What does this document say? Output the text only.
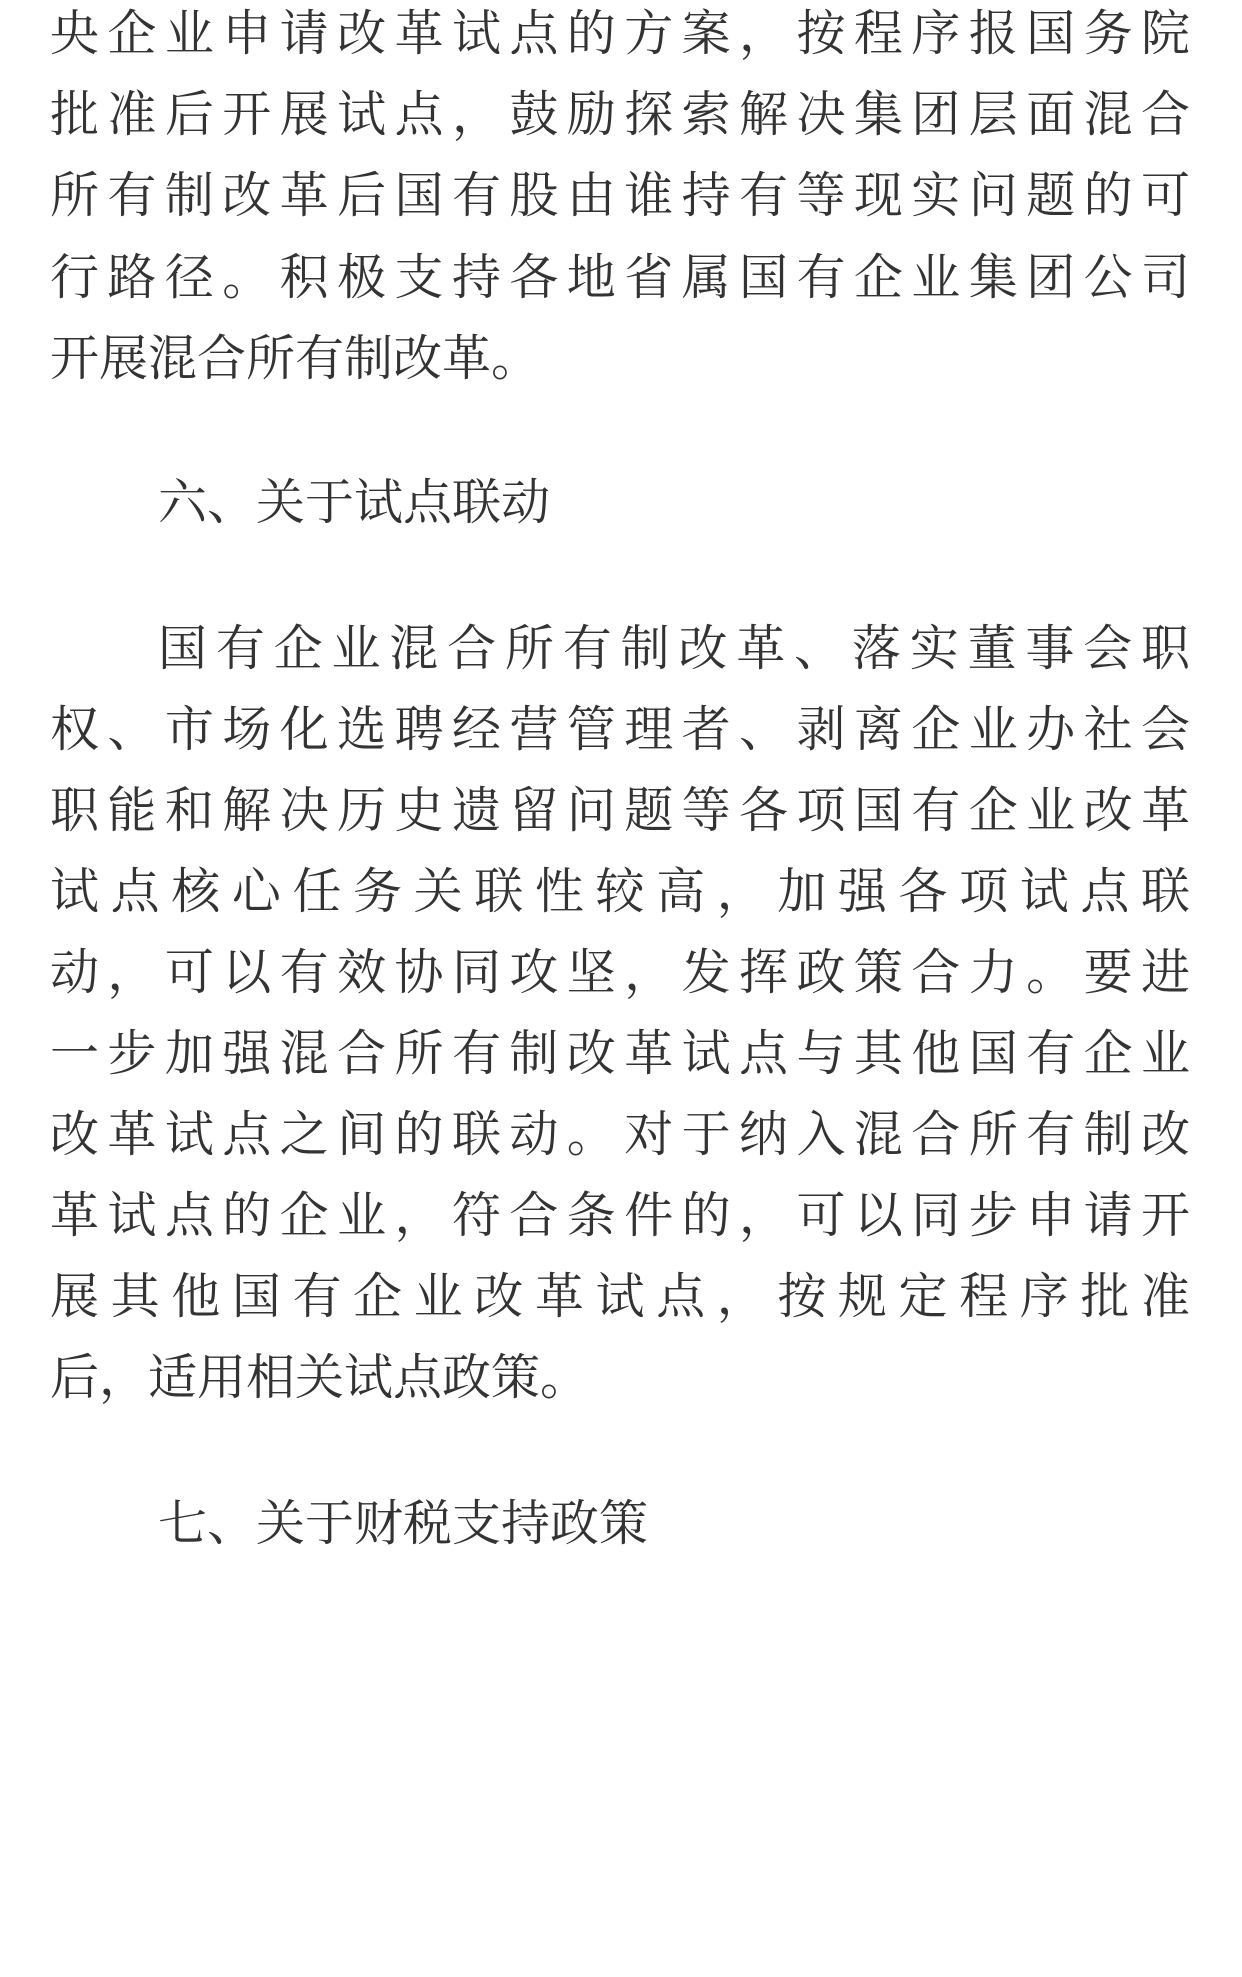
央企业申请改革试点的方案，按程序报国务院
批准后开展试点，鼓励探索解决集团层面混合
所有制改革后国有股由谁持有等现实问题的可
行路径。积极支持各地省属国有企业集团公司
开展混合所有制改革。
六、关于试点联动
国有企业混合所有制改革、落实董事会职
权、市场化选聘经营管理者、剥离企业办社会
职能和解决历史遗留问题等各项国有企业改革
试点核心任务关联性较高，加强各项试点联
动，可以有效协同攻坚，发挥政策合力。要进
一步加强混合所有制改革试点与其他国有企业
改革试点之间的联动。对于纳入混合所有制改
革试点的企业，符合条件的，可以同步申请开
展其他国有企业改革试点，按规定程序批准
后，适用相关试点政策。
七、关于财税支持政策
